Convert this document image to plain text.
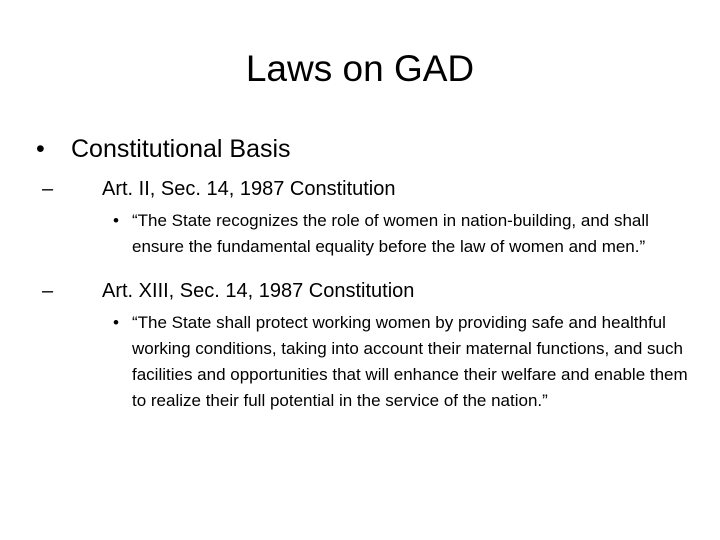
Laws on GAD
• Constitutional Basis
– Art. II, Sec. 14, 1987 Constitution
• “The State recognizes the role of women in nation-building, and shall ensure the fundamental equality before the law of women and men.”
– Art. XIII, Sec. 14, 1987 Constitution
• “The State shall protect working women by providing safe and healthful working conditions, taking into account their maternal functions, and such facilities and opportunities that will enhance their welfare and enable them to realize their full potential in the service of the nation.”
